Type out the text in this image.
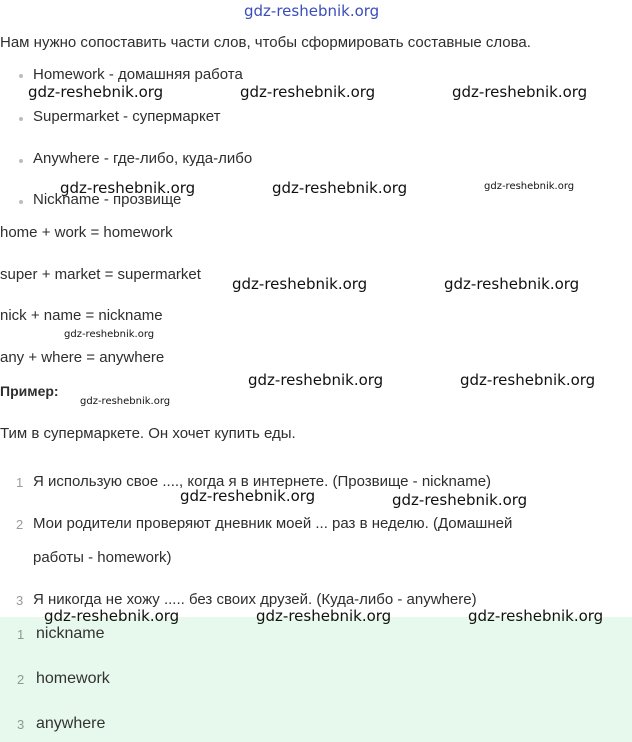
gdz-reshebnik.org
Нам нужно сопоставить части слов, чтобы сформировать составные слова.
Homework - домашняя работа
Supermarket - супермаркет
Anywhere - где-либо, куда-либо
Nickname - прозвище
home + work = homework
super + market = supermarket
nick + name = nickname
any + where = anywhere
Пример:
Тим в супермаркете. Он хочет купить еды.
1 Я использую свое ...., когда я в интернете. (Прозвище - nickname)
2 Мои родители проверяют дневник моей ... раз в неделю. (Домашней
работы - homework)
3 Я никогда не хожу ..... без своих друзей. (Куда-либо - anywhere)
1 nickname
2 homework
3 anywhere
gdz-reshebnik.org	gdz-reshebnik.org	gdz-reshebnik.org
gdz-reshebnik.org	gdz-reshebnik.org	gdz-reshebnik.org
gdz-reshebnik.org	gdz-reshebnik.org
gdz-reshebnik.org
gdz-reshebnik.org	gdz-reshebnik.org
gdz-reshebnik.org
gdz-reshebnik.org	gdz-reshebnik.org
gdz-reshebnik.org	gdz-reshebnik.org	gdz-reshebnik.org
